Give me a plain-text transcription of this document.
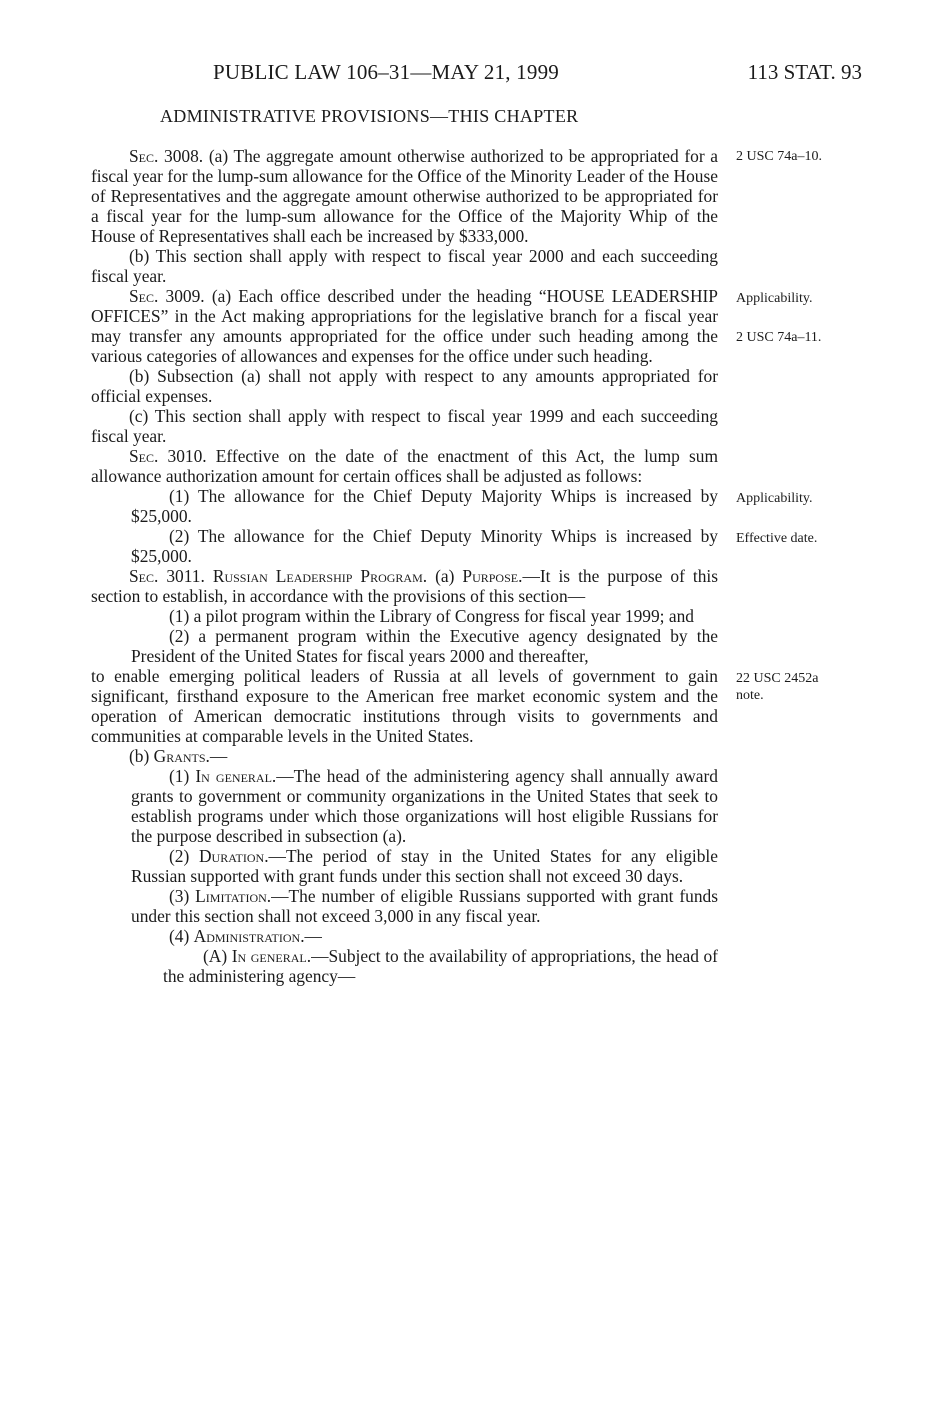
PUBLIC LAW 106–31—MAY 21, 1999	113 STAT. 93
ADMINISTRATIVE PROVISIONS—THIS CHAPTER
2 USC 74a–10.
Applicability.
2 USC 74a–11.
Applicability.
Effective date.
22 USC 2452a
note.

Sec. 3008. (a) The aggregate amount otherwise authorized to be appropriated for a fiscal year for the lump-sum allowance for the Office of the Minority Leader of the House of Representatives and the aggregate amount otherwise authorized to be appropriated for a fiscal year for the lump-sum allowance for the Office of the Majority Whip of the House of Representatives shall each be increased by $333,000.

(b) This section shall apply with respect to fiscal year 2000 and each succeeding fiscal year.

Sec. 3009. (a) Each office described under the heading “HOUSE LEADERSHIP OFFICES” in the Act making appropriations for the legislative branch for a fiscal year may transfer any amounts appropriated for the office under such heading among the various categories of allowances and expenses for the office under such heading.

(b) Subsection (a) shall not apply with respect to any amounts appropriated for official expenses.

(c) This section shall apply with respect to fiscal year 1999 and each succeeding fiscal year.

Sec. 3010. Effective on the date of the enactment of this Act, the lump sum allowance authorization amount for certain offices shall be adjusted as follows:

(1) The allowance for the Chief Deputy Majority Whips is increased by $25,000.

(2) The allowance for the Chief Deputy Minority Whips is increased by $25,000.

Sec. 3011. Russian Leadership Program. (a) Purpose.—It is the purpose of this section to establish, in accordance with the provisions of this section—

(1) a pilot program within the Library of Congress for fiscal year 1999; and

(2) a permanent program within the Executive agency designated by the President of the United States for fiscal years 2000 and thereafter,

to enable emerging political leaders of Russia at all levels of government to gain significant, firsthand exposure to the American free market economic system and the operation of American democratic institutions through visits to governments and communities at comparable levels in the United States.

(b) Grants.—

(1) In general.—The head of the administering agency shall annually award grants to government or community organizations in the United States that seek to establish programs under which those organizations will host eligible Russians for the purpose described in subsection (a).

(2) Duration.—The period of stay in the United States for any eligible Russian supported with grant funds under this section shall not exceed 30 days.

(3) Limitation.—The number of eligible Russians supported with grant funds under this section shall not exceed 3,000 in any fiscal year.

(4) Administration.—

(A) In general.—Subject to the availability of appropriations, the head of the administering agency—
